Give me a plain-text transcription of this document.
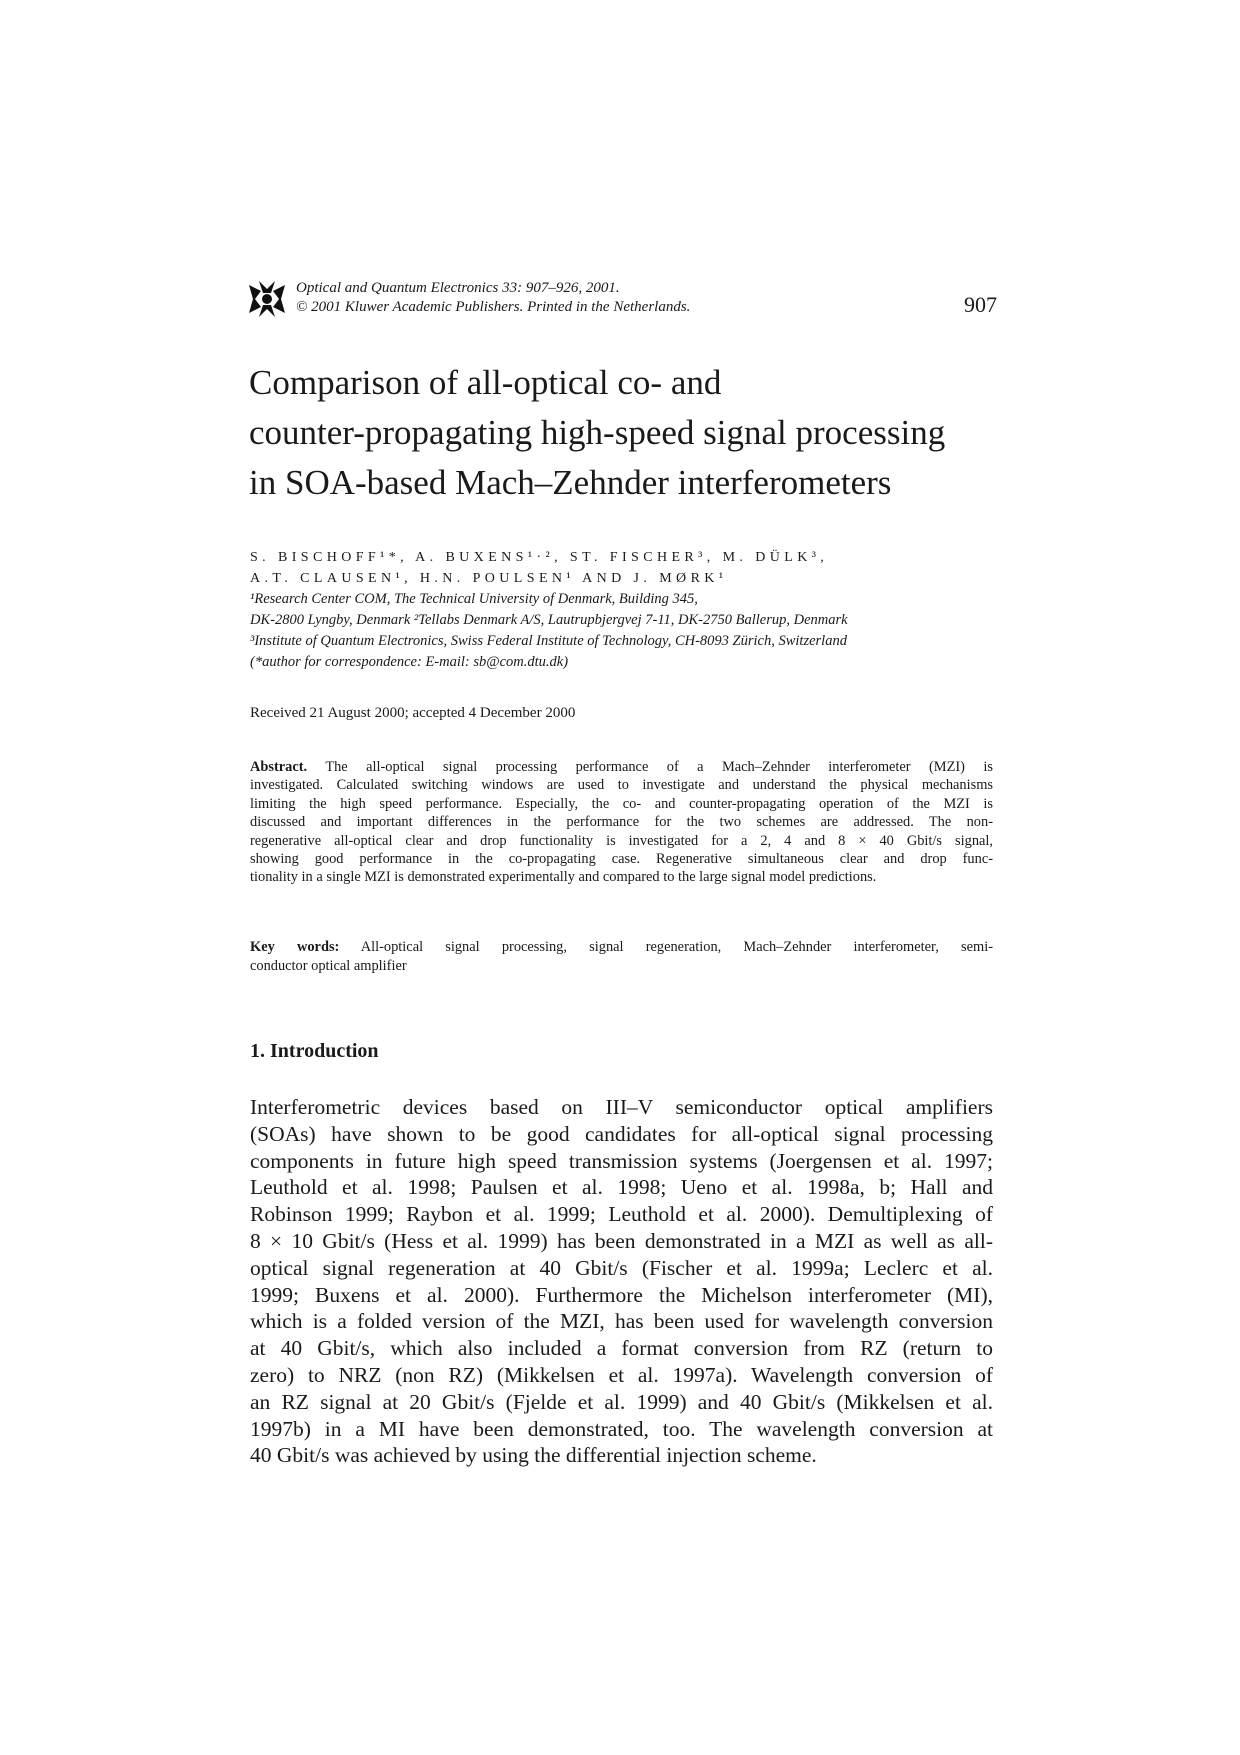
Optical and Quantum Electronics 33: 907–926, 2001.
© 2001 Kluwer Academic Publishers. Printed in the Netherlands.	907
Comparison of all-optical co- and
counter-propagating high-speed signal processing
in SOA-based Mach–Zehnder interferometers
S. BISCHOFF¹*, A. BUXENS¹·², ST. FISCHER³, M. DÜLK³,
A.T. CLAUSEN¹, H.N. POULSEN¹ AND J. MØRK¹
¹Research Center COM, The Technical University of Denmark, Building 345,
DK-2800 Lyngby, Denmark ²Tellabs Denmark A/S, Lautrupbjergvej 7-11, DK-2750 Ballerup, Denmark
³Institute of Quantum Electronics, Swiss Federal Institute of Technology, CH-8093 Zürich, Switzerland
(*author for correspondence: E-mail: sb@com.dtu.dk)
Received 21 August 2000; accepted 4 December 2000
Abstract. The all-optical signal processing performance of a Mach–Zehnder interferometer (MZI) is
investigated. Calculated switching windows are used to investigate and understand the physical mechanisms
limiting the high speed performance. Especially, the co- and counter-propagating operation of the MZI is
discussed and important differences in the performance for the two schemes are addressed. The non-
regenerative all-optical clear and drop functionality is investigated for a 2, 4 and 8 × 40 Gbit/s signal,
showing good performance in the co-propagating case. Regenerative simultaneous clear and drop func-
tionality in a single MZI is demonstrated experimentally and compared to the large signal model predictions.
Key words: All-optical signal processing, signal regeneration, Mach–Zehnder interferometer, semi-
conductor optical amplifier
1. Introduction
Interferometric devices based on III–V semiconductor optical amplifiers
(SOAs) have shown to be good candidates for all-optical signal processing
components in future high speed transmission systems (Joergensen et al. 1997;
Leuthold et al. 1998; Paulsen et al. 1998; Ueno et al. 1998a, b; Hall and
Robinson 1999; Raybon et al. 1999; Leuthold et al. 2000). Demultiplexing of
8 × 10 Gbit/s (Hess et al. 1999) has been demonstrated in a MZI as well as all-
optical signal regeneration at 40 Gbit/s (Fischer et al. 1999a; Leclerc et al.
1999; Buxens et al. 2000). Furthermore the Michelson interferometer (MI),
which is a folded version of the MZI, has been used for wavelength conversion
at 40 Gbit/s, which also included a format conversion from RZ (return to
zero) to NRZ (non RZ) (Mikkelsen et al. 1997a). Wavelength conversion of
an RZ signal at 20 Gbit/s (Fjelde et al. 1999) and 40 Gbit/s (Mikkelsen et al.
1997b) in a MI have been demonstrated, too. The wavelength conversion at
40 Gbit/s was achieved by using the differential injection scheme.
